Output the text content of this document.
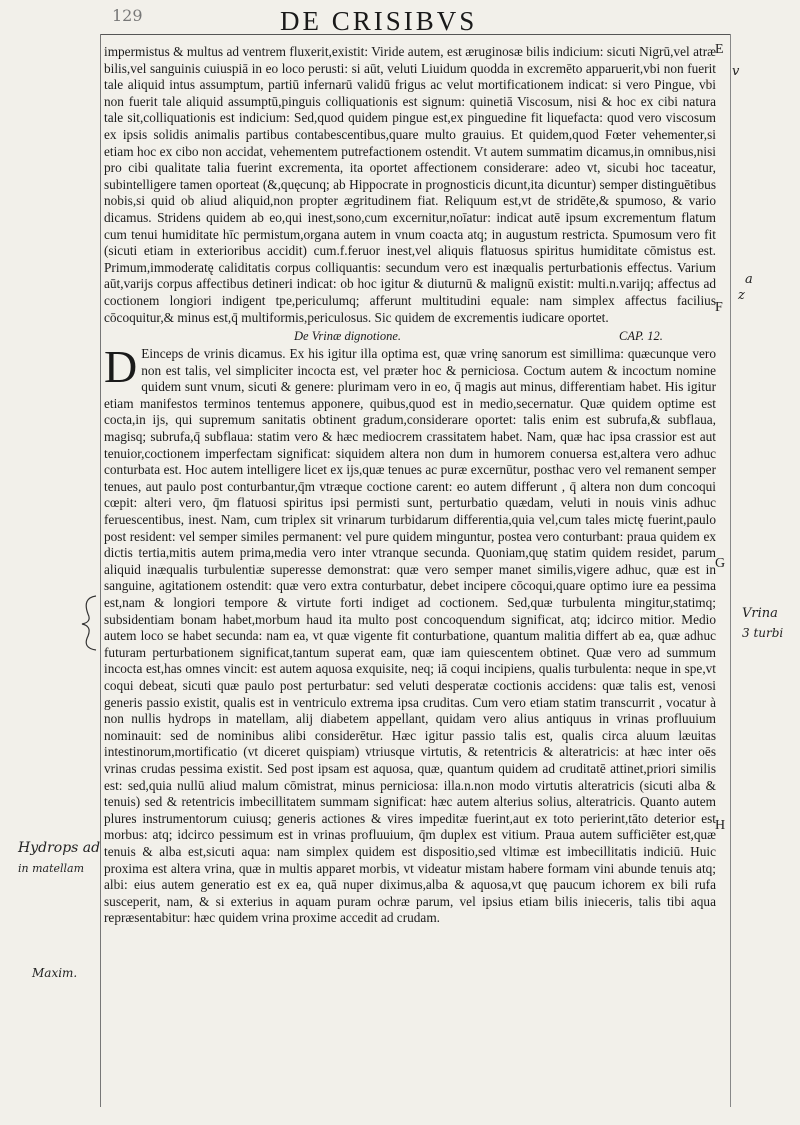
129	DE CRISIBVS

impermistus & multus ad ventrem fluxerit,existit: Viride autem, est æruginosæ bilis indicium: sicuti Nigrū,vel atræ bilis,vel sanguinis cuiuspiā in eo loco perusti: si aūt, veluti Liuidum quodda in excremēto apparuerit,vbi non fuerit tale aliquid intus assumptum, partiū infernarū validū frigus ac velut mortificationem indicat: si vero Pingue, vbi non fuerit tale aliquid assumptū,pinguis colliquationis est signum: quinetiā Viscosum, nisi & hoc ex cibi natura tale sit,colliquationis est indicium: Sed,quod quidem pingue est,ex pinguedine fit liquefacta: quod vero viscosum ex ipsis solidis animalis partibus contabescentibus,quare multo grauius. Et quidem,quod Fœter vehementer,si etiam hoc ex cibo non accidat, vehementem putrefactionem ostendit. Vt autem summatim dicamus,in omnibus,nisi pro cibi qualitate talia fuerint excrementa, ita oportet affectionem considerare: adeo vt, sicubi hoc taceatur, subintelligere tamen oporteat (&,quęcunq; ab Hippocrate in prognosticis dicunt,ita dicuntur) semper distinguētibus nobis,si quid ob aliud aliquid,non propter ægritudinem fiat. Reliquum est,vt de stridēte,& spumoso, & vario dicamus. Stridens quidem ab eo,qui inest,sono,cum excernitur,noīatur: indicat autē ipsum excrementum flatum cum tenui humiditate hīc permistum,organa autem in vnum coacta atq; in augustum restricta. Spumosum vero fit (sicuti etiam in exterioribus accidit) cum.f.feruor inest,vel aliquis flatuosus spiritus humiditate cōmistus est. Primum,immoderatę caliditatis corpus colliquantis: secundum vero est inæqualis perturbationis effectus. Varium aūt,varijs corpus affectibus detineri indicat: ob hoc igitur & diuturnū & malignū existit: multi.n.varijq; affectus ad coctionem longiori indigent tpe,periculumq; afferunt multitudini equale: nam simplex affectus facilius cōcoquitur,& minus est,q̄ multiformis,periculosus. Sic quidem de excrementis iudicare oportet.

De Vrinæ dignotione.	CAP. 12.

D Einceps de vrinis dicamus. Ex his igitur illa optima est, quæ vrinę sanorum est simillima: quæcunque vero non est talis, vel simpliciter incocta est, vel præter hoc & perniciosa. Coctum autem & incoctum nomine quidem sunt vnum, sicuti & genere: plurimam vero in eo, q̄ magis aut minus, differentiam habet. His igitur etiam manifestos terminos tentemus apponere, quibus,quod est in medio,secernatur. Quæ quidem optime est cocta,in ijs, qui supremum sanitatis obtinent gradum,considerare oportet: talis enim est subrufa,& subflaua, magisq; subrufa,q̄ subflaua: statim vero & hæc mediocrem crassitatem habet. Nam, quæ hac ipsa crassior est aut tenuior,coctionem imperfectam significat: siquidem altera non dum in humorem conuersa est,altera vero adhuc conturbata est. Hoc autem intelligere licet ex ijs,quæ tenues ac puræ excernūtur, posthac vero vel remanent semper tenues, aut paulo post conturbantur,q̄m vtræque coctione carent: eo autem differunt , q̄ altera non dum concoqui cœpit: alteri vero, q̄m flatuosi spiritus ipsi permisti sunt, perturbatio quædam, veluti in nouis vinis adhuc feruescentibus, inest. Nam, cum triplex sit vrinarum turbidarum differentia,quia vel,cum tales mictę fuerint,paulo post resident: vel semper similes permanent: vel pure quidem minguntur, postea vero conturbant: praua quidem ex dictis tertia,mitis autem prima,media vero inter vtranque secunda. Quoniam,quę statim quidem residet, parum aliquid inæqualis turbulentiæ superesse demonstrat: quæ vero semper manet similis,vigere adhuc, quæ est in sanguine, agitationem ostendit: quæ vero extra conturbatur, debet incipere cōcoqui,quare optimo iure ea pessima est,nam & longiori tempore & virtute forti indiget ad coctionem. Sed,quæ turbulenta mingitur,statimq; subsidentiam bonam habet,morbum haud ita multo post concoquendum significat, atq; idcirco mitior. Medio autem loco se habet secunda: nam ea, vt quæ vigente fit conturbatione, quantum malitia differt ab ea, quæ adhuc futuram perturbationem significat,tantum superat eam, quæ iam quiescentem obtinet. Quæ vero ad summum incocta est,has omnes vincit: est autem aquosa exquisite, neq; iā coqui incipiens, qualis turbulenta: neque in spe,vt coqui debeat, sicuti quæ paulo post perturbatur: sed veluti desperatæ coctionis accidens: quæ talis est, venosi generis passio existit, qualis est in ventriculo extrema ipsa cruditas. Cum vero etiam statim transcurrit , vocatur à non nullis hydrops in matellam, alij diabetem appellant, quidam vero alius antiquus in vrinas profluuium nominauit: sed de nominibus alibi considerētur. Hæc igitur passio talis est, qualis circa aluum læuitas intestinorum,mortificatio (vt diceret quispiam) vtriusque virtutis, & retentricis & alteratricis: at hæc inter oēs vrinas crudas pessima existit. Sed post ipsam est aquosa, quæ, quantum quidem ad cruditatē attinet,priori similis est: sed,quia nullū aliud malum cōmistrat, minus perniciosa: illa.n.non modo virtutis alteratricis (sicuti alba & tenuis) sed & retentricis imbecillitatem summam significat: hæc autem alterius solius, alteratricis. Quanto autem plures instrumentorum cuiusq; generis actiones & vires impeditæ fuerint,aut ex toto perierint,tāto deterior est morbus: atq; idcirco pessimum est in vrinas profluuium, q̄m duplex est vitium. Praua autem sufficiēter est,quæ tenuis & alba est,sicuti aqua: nam simplex quidem est dispositio,sed vltimæ est imbecillitatis indiciū. Huic proxima est altera vrina, quæ in multis apparet morbis, vt videatur mistam habere formam vini abunde tenuis atq; albi: eius autem generatio est ex ea, quā nuper diximus,alba & aquosa,vt quę paucum ichorem ex bili rufa susceperit, nam, & si exterius in aquam puram ochræ parum, vel ipsius etiam bilis inieceris, talis tibi aqua repræsentabitur: hæc quidem vrina proxime accedit ad crudam.

E
F
G
H
v
a
z
Vrina
3 turbi
Hydrops ad
in matellam
Maxim.
